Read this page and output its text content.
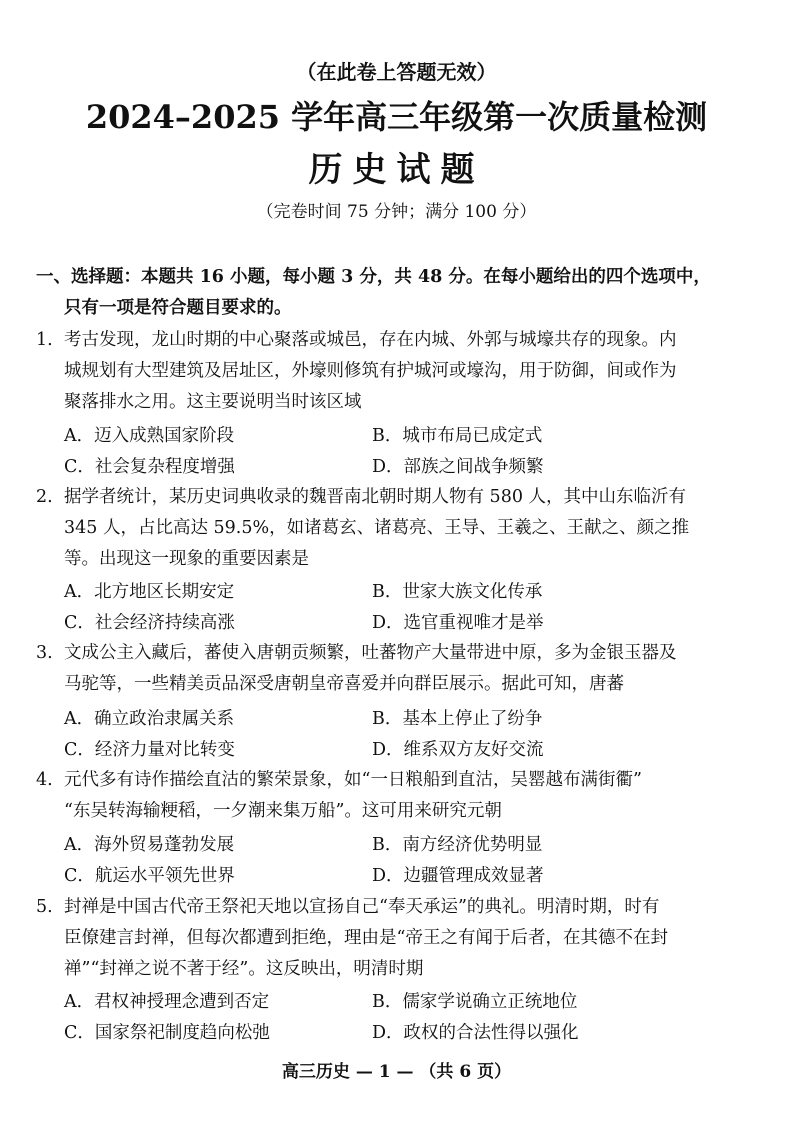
（在此卷上答题无效）
2024–2025 学年高三年级第一次质量检测
历史试题
（完卷时间 75 分钟；满分 100 分）
一、选择题：本题共 16 小题，每小题 3 分，共 48 分。在每小题给出的四个选项中，
只有一项是符合题目要求的。
1. 考古发现，龙山时期的中心聚落或城邑，存在内城、外郭与城壕共存的现象。内
城规划有大型建筑及居址区，外壕则修筑有护城河或壕沟，用于防御，间或作为
聚落排水之用。这主要说明当时该区域
A．迈入成熟国家阶段	B．城市布局已成定式
C．社会复杂程度增强	D．部族之间战争频繁
2. 据学者统计，某历史词典收录的魏晋南北朝时期人物有 580 人，其中山东临沂有
345 人，占比高达 59.5%，如诸葛玄、诸葛亮、王导、王羲之、王献之、颜之推
等。出现这一现象的重要因素是
A．北方地区长期安定	B．世家大族文化传承
C．社会经济持续高涨	D．选官重视唯才是举
3. 文成公主入藏后，蕃使入唐朝贡频繁，吐蕃物产大量带进中原，多为金银玉器及
马驼等，一些精美贡品深受唐朝皇帝喜爱并向群臣展示。据此可知，唐蕃
A．确立政治隶属关系	B．基本上停止了纷争
C．经济力量对比转变	D．维系双方友好交流
4. 元代多有诗作描绘直沽的繁荣景象，如“一日粮船到直沽，吴罂越布满街衢”
“东吴转海输粳稻，一夕潮来集万船”。这可用来研究元朝
A．海外贸易蓬勃发展	B．南方经济优势明显
C．航运水平领先世界	D．边疆管理成效显著
5. 封禅是中国古代帝王祭祀天地以宣扬自己“奉天承运”的典礼。明清时期，时有
臣僚建言封禅，但每次都遭到拒绝，理由是“帝王之有闻于后者，在其德不在封
禅”“封禅之说不著于经”。这反映出，明清时期
A．君权神授理念遭到否定	B．儒家学说确立正统地位
C．国家祭祀制度趋向松弛	D．政权的合法性得以强化
高三历史 — 1 — （共 6 页）
